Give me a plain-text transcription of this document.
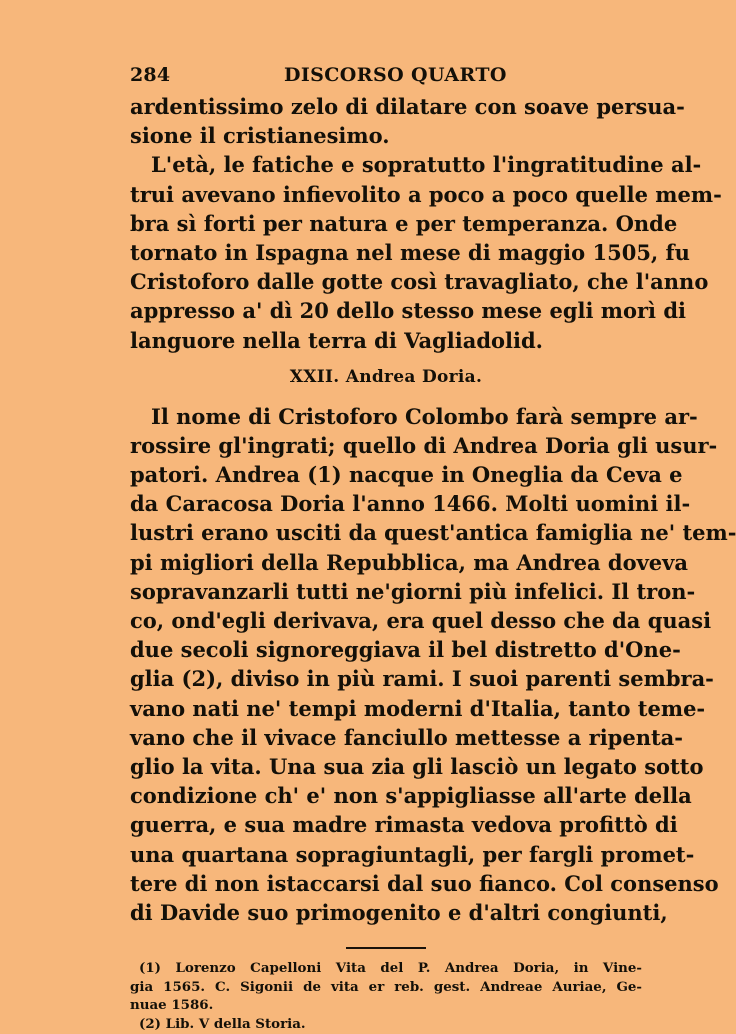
284	DISCORSO QUARTO
ardentissimo zelo di dilatare con soave persua-
sione il cristianesimo.
L'età, le fatiche e sopratutto l'ingratitudine al-
trui avevano infievolito a poco a poco quelle mem-
bra sì forti per natura e per temperanza. Onde
tornato in Ispagna nel mese di maggio 1505, fu
Cristoforo dalle gotte così travagliato, che l'anno
appresso a' dì 20 dello stesso mese egli morì di
languore nella terra di Vagliadolid.
XXII. Andrea Doria.
Il nome di Cristoforo Colombo farà sempre ar-
rossire gl'ingrati; quello di Andrea Doria gli usur-
patori. Andrea (1) nacque in Oneglia da Ceva e
da Caracosa Doria l'anno 1466. Molti uomini il-
lustri erano usciti da quest'antica famiglia ne' tem-
pi migliori della Repubblica, ma Andrea doveva
sopravanzarli tutti ne'giorni più infelici. Il tron-
co, ond'egli derivava, era quel desso che da quasi
due secoli signoreggiava il bel distretto d'One-
glia (2), diviso in più rami. I suoi parenti sembra-
vano nati ne' tempi moderni d'Italia, tanto teme-
vano che il vivace fanciullo mettesse a ripenta-
glio la vita. Una sua zia gli lasciò un legato sotto
condizione ch' e' non s'appigliasse all'arte della
guerra, e sua madre rimasta vedova profittò di
una quartana sopragiuntagli, per fargli promet-
tere di non istaccarsi dal suo fianco. Col consenso
di Davide suo primogenito e d'altri congiunti,
(1) Lorenzo Capelloni Vita del P. Andrea Doria, in Vine-
gia 1565. C. Sigonii de vita er reb. gest. Andreae Auriae, Ge-
nuae 1586.
(2) Lib. V della Storia.
